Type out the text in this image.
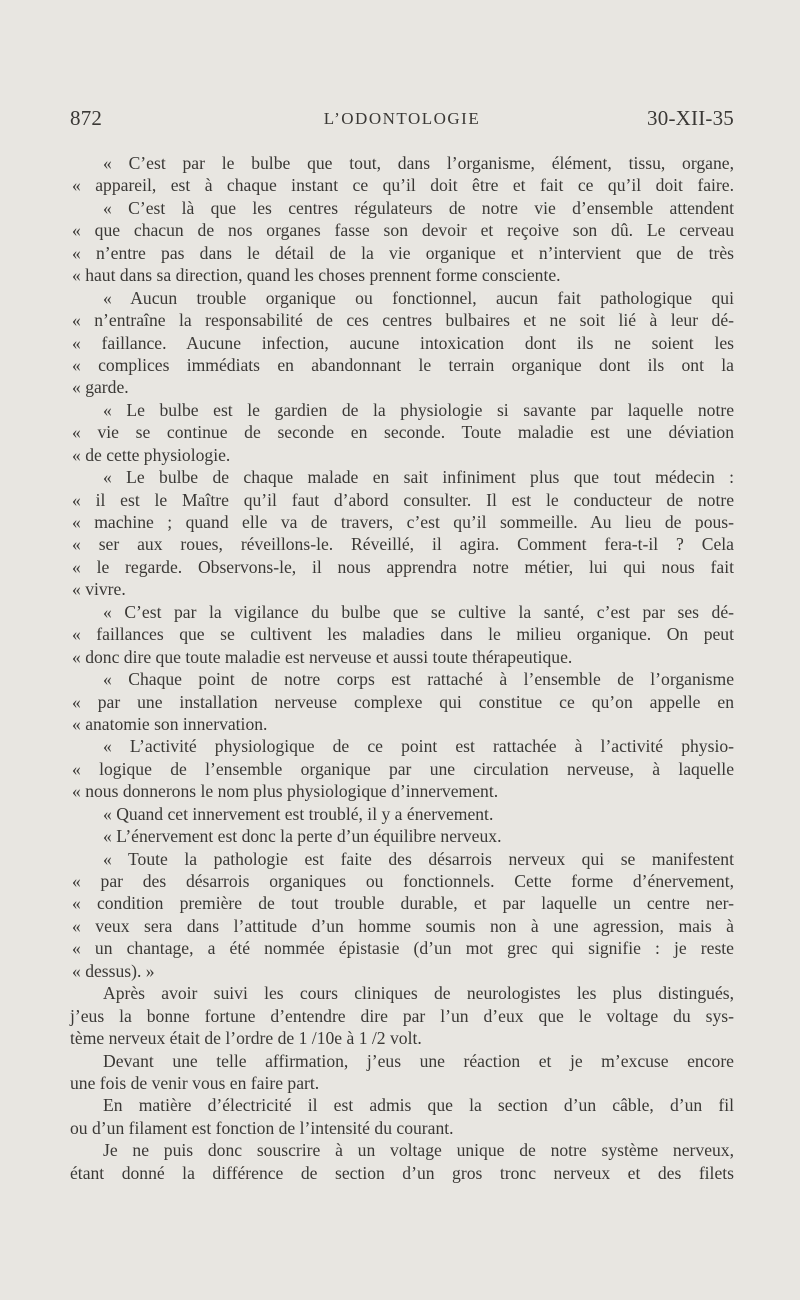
872	L’ODONTOLOGIE	30-XII-35
« C’est par le bulbe que tout, dans l’organisme, élément, tissu, organe,
« appareil, est à chaque instant ce qu’il doit être et fait ce qu’il doit faire.
« C’est là que les centres régulateurs de notre vie d’ensemble attendent
« que chacun de nos organes fasse son devoir et reçoive son dû. Le cerveau
« n’entre pas dans le détail de la vie organique et n’intervient que de très
« haut dans sa direction, quand les choses prennent forme consciente.
« Aucun trouble organique ou fonctionnel, aucun fait pathologique qui
« n’entraîne la responsabilité de ces centres bulbaires et ne soit lié à leur dé-
« faillance. Aucune infection, aucune intoxication dont ils ne soient les
« complices immédiats en abandonnant le terrain organique dont ils ont la
« garde.
« Le bulbe est le gardien de la physiologie si savante par laquelle notre
« vie se continue de seconde en seconde. Toute maladie est une déviation
« de cette physiologie.
« Le bulbe de chaque malade en sait infiniment plus que tout médecin :
« il est le Maître qu’il faut d’abord consulter. Il est le conducteur de notre
« machine ; quand elle va de travers, c’est qu’il sommeille. Au lieu de pous-
« ser aux roues, réveillons-le. Réveillé, il agira. Comment fera-t-il ? Cela
« le regarde. Observons-le, il nous apprendra notre métier, lui qui nous fait
« vivre.
« C’est par la vigilance du bulbe que se cultive la santé, c’est par ses dé-
« faillances que se cultivent les maladies dans le milieu organique. On peut
« donc dire que toute maladie est nerveuse et aussi toute thérapeutique.
« Chaque point de notre corps est rattaché à l’ensemble de l’organisme
« par une installation nerveuse complexe qui constitue ce qu’on appelle en
« anatomie son innervation.
« L’activité physiologique de ce point est rattachée à l’activité physio-
« logique de l’ensemble organique par une circulation nerveuse, à laquelle
« nous donnerons le nom plus physiologique d’innervement.
« Quand cet innervement est troublé, il y a énervement.
« L’énervement est donc la perte d’un équilibre nerveux.
« Toute la pathologie est faite des désarrois nerveux qui se manifestent
« par des désarrois organiques ou fonctionnels. Cette forme d’énervement,
« condition première de tout trouble durable, et par laquelle un centre ner-
« veux sera dans l’attitude d’un homme soumis non à une agression, mais à
« un chantage, a été nommée épistasie (d’un mot grec qui signifie : je reste
« dessus). »
Après avoir suivi les cours cliniques de neurologistes les plus distingués,
j’eus la bonne fortune d’entendre dire par l’un d’eux que le voltage du sys-
tème nerveux était de l’ordre de 1 /10e à 1 /2 volt.
Devant une telle affirmation, j’eus une réaction et je m’excuse encore
une fois de venir vous en faire part.
En matière d’électricité il est admis que la section d’un câble, d’un fil
ou d’un filament est fonction de l’intensité du courant.
Je ne puis donc souscrire à un voltage unique de notre système nerveux,
étant donné la différence de section d’un gros tronc nerveux et des filets
